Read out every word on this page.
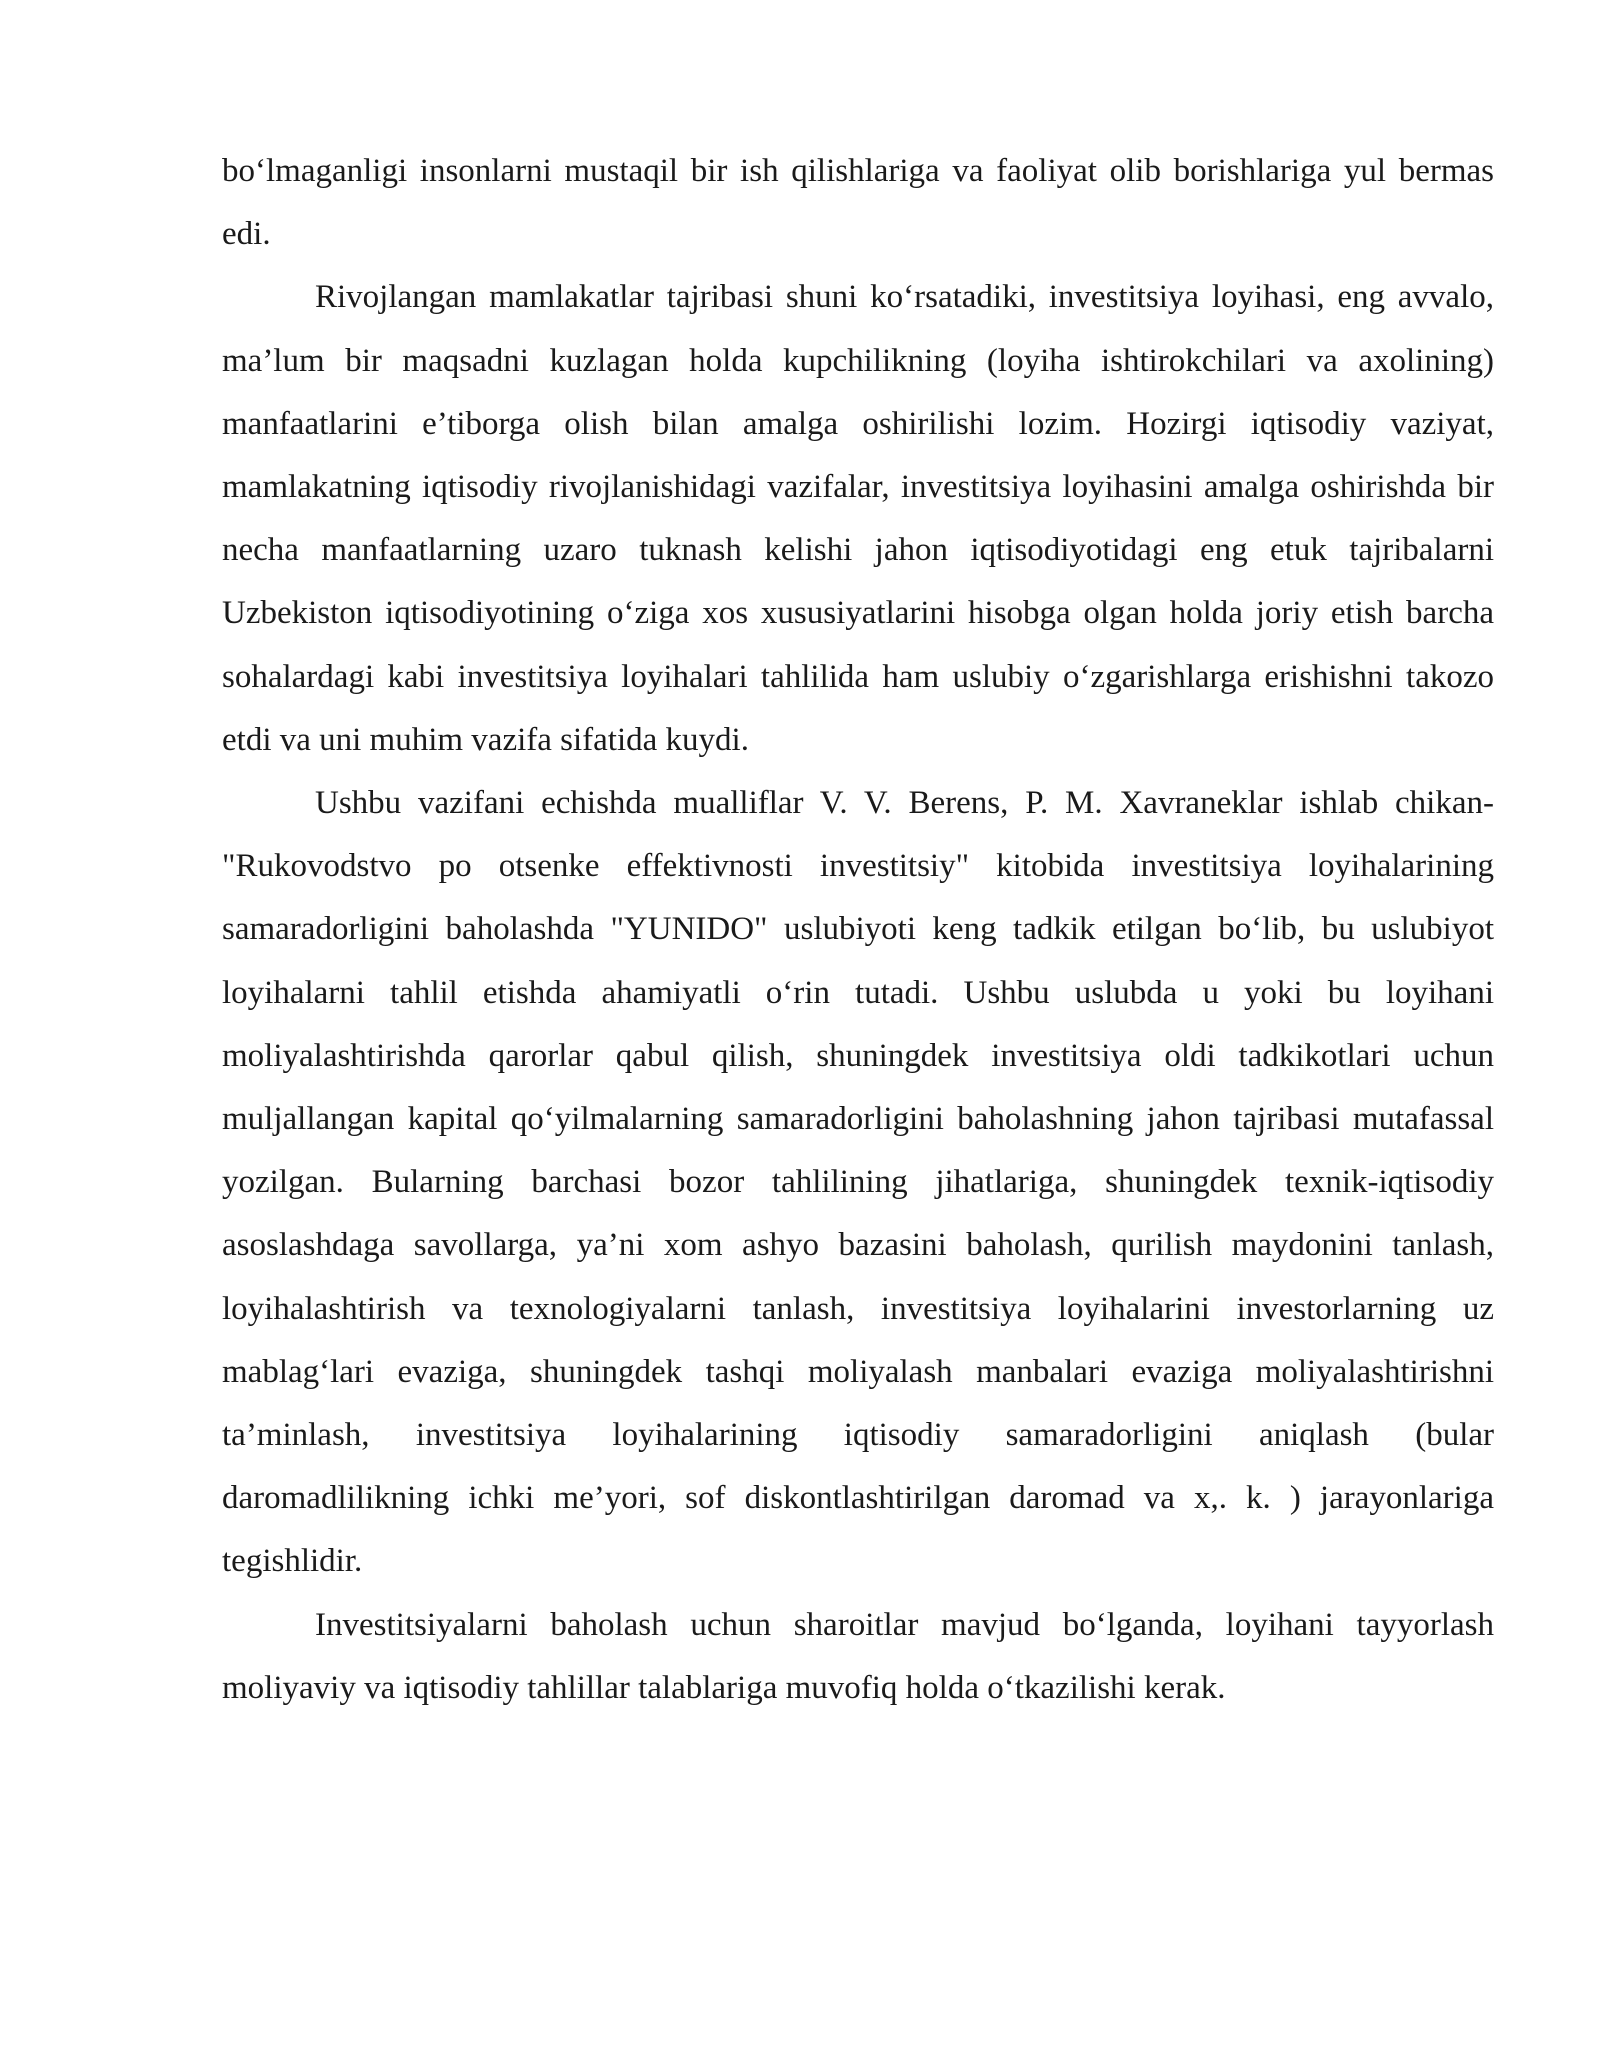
bo‘lmaganligi insonlarni mustaqil bir ish qilishlariga va faoliyat olib borishlariga yul bermas edi.

Rivojlangan mamlakatlar tajribasi shuni ko‘rsatadiki, investitsiya loyihasi, eng avvalo, ma’lum bir maqsadni kuzlagan holda kupchilikning (loyiha ishtirokchilari va axolining) manfaatlarini e’tiborga olish bilan amalga oshirilishi lozim. Hozirgi iqtisodiy vaziyat, mamlakatning iqtisodiy rivojlanishidagi vazifalar, investitsiya loyihasini amalga oshirishda bir necha manfaatlarning uzaro tuknash kelishi jahon iqtisodiyotidagi eng etuk tajribalarni Uzbekiston iqtisodiyotining o‘ziga xos xususiyatlarini hisobga olgan holda joriy etish barcha sohalardagi kabi investitsiya loyihalari tahlilida ham uslubiy o‘zgarishlarga erishishni takozo etdi va uni muhim vazifa sifatida kuydi.

Ushbu vazifani echishda mualliflar V. V. Berens, P. M. Xavraneklar ishlab chikan- "Rukovodstvo po otsenke effektivnosti investitsiy" kitobida investitsiya loyihalarining samaradorligini baholashda "YUNIDO" uslubiyoti keng tadkik etilgan bo‘lib, bu uslubiyot loyihalarni tahlil etishda ahamiyatli o‘rin tutadi. Ushbu uslubda u yoki bu loyihani moliyalashtirishda qarorlar qabul qilish, shuningdek investitsiya oldi tadkikotlari uchun muljallangan kapital qo‘yilmalarning samaradorligini baholashning jahon tajribasi mutafassal yozilgan. Bularning barchasi bozor tahlilining jihatlariga, shuningdek texnik-iqtisodiy asoslashdaga savollarga, ya’ni xom ashyo bazasini baholash, qurilish maydonini tanlash, loyihalashtirish va texnologiyalarni tanlash, investitsiya loyihalarini investorlarning uz mablag‘lari evaziga, shuningdek tashqi moliyalash manbalari evaziga moliyalashtirishni ta’minlash, investitsiya loyihalarining iqtisodiy samaradorligini aniqlash (bular daromadlilikning ichki me’yori, sof diskontlashtirilgan daromad va x,. k. ) jarayonlariga tegishlidir.

Investitsiyalarni baholash uchun sharoitlar mavjud bo‘lganda, loyihani tayyorlash moliyaviy va iqtisodiy tahlillar talablariga muvofiq holda o‘tkazilishi kerak.
